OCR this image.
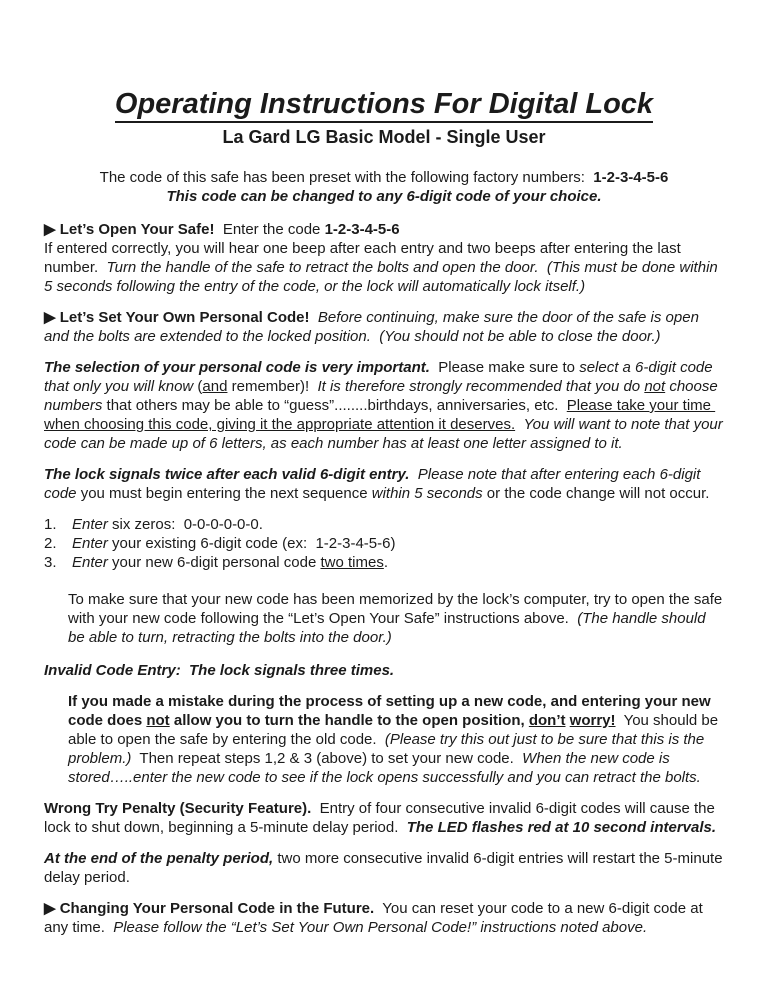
Operating Instructions For Digital Lock
La Gard LG Basic Model - Single User
The code of this safe has been preset with the following factory numbers:  1-2-3-4-5-6
This code can be changed to any 6-digit code of your choice.
▶ Let’s Open Your Safe!  Enter the code 1-2-3-4-5-6
If entered correctly, you will hear one beep after each entry and two beeps after entering the last number.  Turn the handle of the safe to retract the bolts and open the door.  (This must be done within 5 seconds following the entry of the code, or the lock will automatically lock itself.)
▶ Let’s Set Your Own Personal Code! Before continuing, make sure the door of the safe is open and the bolts are extended to the locked position.  (You should not be able to close the door.)
The selection of your personal code is very important.  Please make sure to select a 6-digit code that only you will know (and remember)!  It is therefore strongly recommended that you do not choose numbers that others may be able to “guess”........birthdays, anniversaries, etc.  Please take your time when choosing this code, giving it the appropriate attention it deserves. You will want to note that your code can be made up of 6 letters, as each number has at least one letter assigned to it.
The lock signals twice after each valid 6-digit entry. Please note that after entering each 6-digit code you must begin entering the next sequence within 5 seconds or the code change will not occur.
1.	Enter six zeros:  0-0-0-0-0-0.
2.	Enter your existing 6-digit code (ex:  1-2-3-4-5-6)
3.	Enter your new 6-digit personal code two times.
To make sure that your new code has been memorized by the lock’s computer, try to open the safe with your new code following the “Let’s Open Your Safe” instructions above.  (The handle should be able to turn, retracting the bolts into the door.)
Invalid Code Entry:  The lock signals three times.
If you made a mistake during the process of setting up a new code, and entering your new code does not allow you to turn the handle to the open position, don’t worry!  You should be able to open the safe by entering the old code.  (Please try this out just to be sure that this is the problem.)  Then repeat steps 1,2 & 3 (above) to set your new code.  When the new code is stored…..enter the new code to see if the lock opens successfully and you can retract the bolts.
Wrong Try Penalty (Security Feature).  Entry of four consecutive invalid 6-digit codes will cause the lock to shut down, beginning a 5-minute delay period.  The LED flashes red at 10 second intervals.
At the end of the penalty period, two more consecutive invalid 6-digit entries will restart the 5-minute delay period.
▶ Changing Your Personal Code in the Future.  You can reset your code to a new 6-digit code at any time.  Please follow the “Let’s Set Your Own Personal Code!” instructions noted above.
